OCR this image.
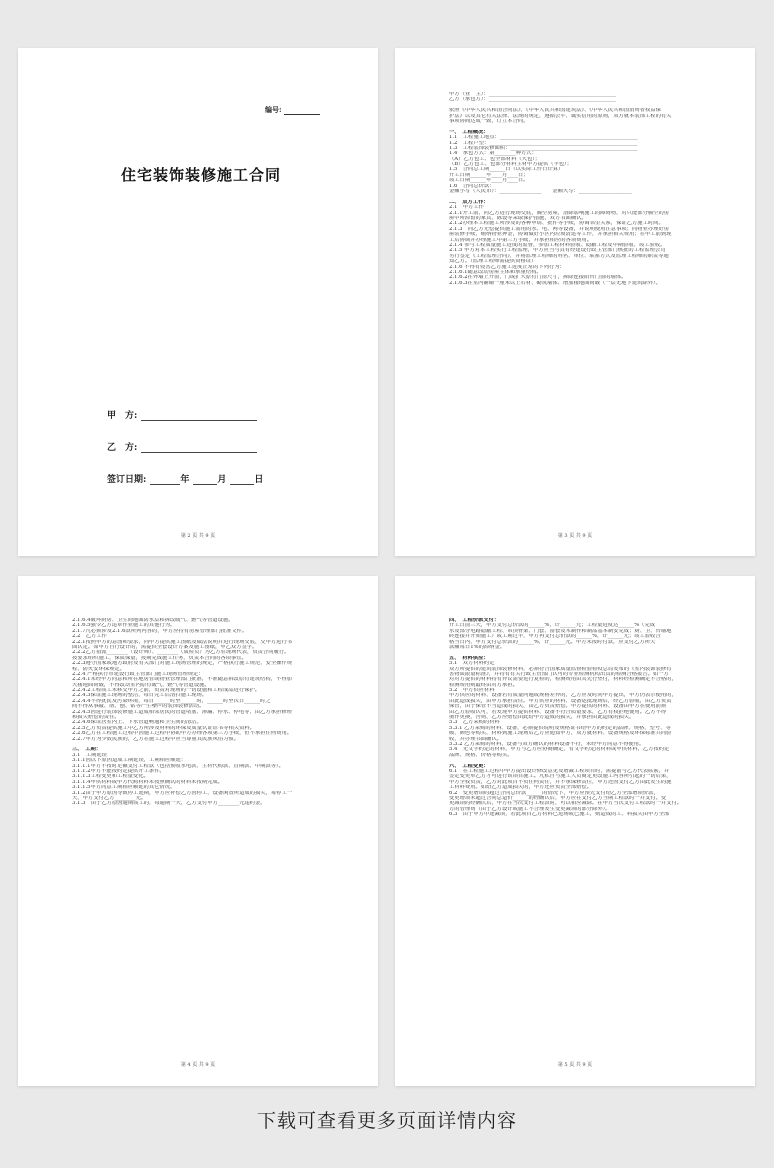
编号:
住宅装饰装修施工合同
甲　方:
乙　方:
签订日期:	年	月	日
第 2 页 共 9 页
甲方（业　主）：________________________________________________
乙方（承包方）：________________________________________________
依照《中华人民共和国合同法》、《中华人民共和国建筑法》、《中华人民共和国消费者权益保
护法》以及其它有关法律、法规的规定，遵循公平、诚实信用的原则，双方就本装饰工程的有关
事项协商达成一致，订立本合同。
一、　工程概况：
1.1　工程施工地点：____________________________________________________
1.2　工程户型：________________________________________________________
1.3　工程装饰装修面积：________________________________________________
1.4　承包方式：第________种方式：
（A）乙方包工、包全部材料（大包）；
（B）乙方包工、包部分材料主材甲方提供（半包）；
1.5　合同总工期______日（以实际工作日计算）
开工日期______年____月____日；
竣工日期______年____月____日。
1.6　合同总价款：
金额小写（人民币）：________________　　金额大写：____________________
二、　双方工作：
2.1　甲方工作
2.1.1开工前，同乙方进行现场交底，腾空房屋，清除影响施工的障碍物，对只能部分腾空的房
屋中所滞留的家具、陈设等采取保护措施，双方书面确认。
2.1.2办理本工程施工所涉及的各种申请、批件等手续，协调邻里关系，保证乙方施工时间。
2.1.3　向乙方无偿提供施工需用的水、电、网等设备，并说明使用注意事项；同物业办理好房
屋装修手续，缴纳物业押金，协调做好小区内垃圾清运等工作，并承担相关费用；在甲工前到现
工后协调并办理施工中第三方手续，并承担相应的各项费用。
2.1.4 参与工程质量施工进度的监督，参加工程材料验收、隐蔽工程及中期验收、竣工验收。
2.1.5 甲方对本工程实行工程监理，甲方应当与具有经建设行政主管部门核批的工程监理公司
另行签定《工程监理合同》，并将监理工程师的姓名、单位、联系方式及监理工程师的职责等通
知乙方。（监理工程师需提供资格证）
2.1.6 不得有侵害乙方施工进度正常的下列行为：
2.1.6.1随意改动房屋主体和承重结构。
2.1.6.2在外墙上开窗，门或扩大原有门窗尺寸，拆除连接阳台门窗的墙体。
2.1.6.3在室内铺砌一厘米以上石材、砌筑墙体、增加楼地面荷载（一层无地下建筑除外）。
第 3 页 共 9 页
2.1.6.4破坏厨房、卫生间地面防水层和拆改暖气、燃气等管道设施。
2.1.6.5强令乙方违章作业施工的其他行为。
2.1.7凡必须涉及2.1.6款所列内容的，甲方应持有房屋管理部门批准文件。
2.2　乙方工作
2.2.1按照甲方的意图和要求，向甲方提供施工图纸及做法说明并进行现场交底，交甲方进行书
面认定。如甲方自行设计的，需提供全套设计方案及施工图纸，甲乙双方签字。
2.2.2乙方指派________（设计师）、________（质检员）为乙方驻现场代表，负责合同履行。
按要求组织施工，保质保量，按期完成施工任务，负责本合同的各项事宜。
2.2.3遵守国家或地方政府及有关部门对施工现场管理的规定，严格执行施工规范、安全操作规
程、防火安环保规定。
2.2.4 严格执行市建设行政主管部门施工现场管理规定：
2.2.4.1未经甲方同意和所在地房管或物业管理部门批准，不准随意拆改原有建筑结构，不得加
大楼地面荷载，不得改动室内原有暖气、燃气等管道设施。
2.2.4.2工程竣工未移交甲方之前，负责对现场的一切设施和工程成品进行保护。
2.2.4.3保证施工现场的整洁，每日完工后清扫施工现场。
2.2.4.4不得扰民及污染环境，每日______时至______时，______时至次日______时之
间不得从事敲、凿、刨、钻等产生噪声的装饰装修活动。
2.2.4.5因进行装饰装修施工造成相邻居民的管道堵塞、渗漏、停水、停电等，由乙方承担修理
和损失赔偿的责任。
2.2.4.6保证居室内上、下水管道畅通和卫生间的清洁。
2.2.5乙方负责提供施工中乙方所涉及材料的环保及质量认证证书等相关资料。
2.2.6乙方在工程施工过程中因施工过程中协助甲方办理各项第三方手续，但不承担任何费用。
2.2.7甲方为少数民族的，乙方在施工过程中应当尊重其民族风俗习惯。
三、　工期：
3.1　工期延误
3.1.1因以下原因造成工期延误，工期相应顺延：
3.1.1.1甲方不按时足额支付工程款（包括预收水电款、主材代购款、首期款、中期款等）。
3.1.1.2甲方不能按约定提供开工条件。
3.1.1.3工程变更和工程量变化。
3.1.1.4甲供材料或甲方代购材料未按照确认的材料未按期完成。
3.1.1.5甲方同意工期相应顺延的其它情况。
3.1.2由于甲方原因导致停工延期，甲方应补偿乙方因停工，设备闲置所造成的损失，每停工一
天，甲方支付乙方________元。
3.1.3　由于乙方原因逾期竣工的，每逾期一天，乙方支付甲方________元违约金。
第 4 页 共 9 页
四、　工程价款支付：
开工日前三天，甲方支付总价款的______%，计______元；工程量进度达______%（完成
水及部分电路隐蔽工程、吊顶骨架、门套、窗套及木制作和制品基本制安完成；厨、卫、台墙地
砖连接并开始施工）或工期过半，甲方再支付总价款的______%，计______元；竣工验收合
格当日内，甲方支付总价款的______%，计______元。甲方未按时付款，应支付乙方所欠
款额每日1%的滞纳金。
五、　材料供应：
5.1　双方材料约定
双方所提供的建筑装饰装修材料，必须符合国家质量监督检验检疫总局发布的《室内装饰装修有
害物质限量标准》，并持有有关行政主管部门认可的专业检测机构出具的检测合格报告。如一方
对对方提供的材料持有异议需要进行复检的，检测费用由其先行垫付，材料经检测确定不合格的，
检测费用则最终由对方承担。
5.2　甲方供应材料
甲方供应的材料、设备若有质量问题或规格差异的，乙方应及时向甲方提出，甲方仍表示使用的，
由此造成损失，由甲方承担责任。甲方供应的材料、设备运抵现场后，经乙方验收，由乙方负责
保管，由于保管不当造成的损失，由乙方负责赔偿。甲方提供的材料、设备由甲方在使用前须
由乙方验收认可，若发现甲方提供材料、设备不符合质量要求，乙方有权拒绝使用。乙方不得
擅作更换，否则，乙方应赔偿由此给甲方造成的损失，并承担由此造成的损失。
5.3　乙方采购的材料
5.3.1 乙方采购的材料、设备，必须提供说明及规格证书给甲方的约定的品牌、规格、型号、等
级、颜色等购买，材料到施工现场后乙方应通知甲方，双方就材料、设备规格及环保标准共同验
收，并办理书面确认。
5.3.2 乙方采购的材料、设备与双方确认的材料设备不符，未经甲方同意不得使用。
5.4　无文字约定的材料，甲方与乙方应协商确定，有文字约定的材料或甲供材料，乙方按约定
品牌、规格、价格等购买。
六、　工程变更：
6.1　在工程施工过程中甲方提出设计修改意见及增减工程项目时，需提前与乙方代表联系，并
签定变更单乙方才可进行该项目施工。凡私自与施工人员商定更改施工内容所引起的一切后果，
甲方全权负责，乙方对此项目不负任何责任，并不承保修责任，甲方还因支付乙方由此发生的施
工材料费用。如给乙方造成损失的，甲方还应负责全部赔偿。
6.2　变更增项的超过合同总价款______的情况下，甲方应预先支付给乙方全部增项价款，
变更增项未超过合同总造价______的经确认后，甲方应在支付乙方当期工程款时一并支付。变
更减项的经确认后，甲方在当次支付工程款时，可以相应减除。在甲方当次支付工程款时一并支付。
方的管理费（由于乙方设计或施工不合理发生变更减项的部分除外）。
6.3　由于甲方中途减项，若此项目乙方材料已进场或已施工，则造成的工、料损失由甲方全部
第 5 页 共 9 页
下载可查看更多页面详情内容
